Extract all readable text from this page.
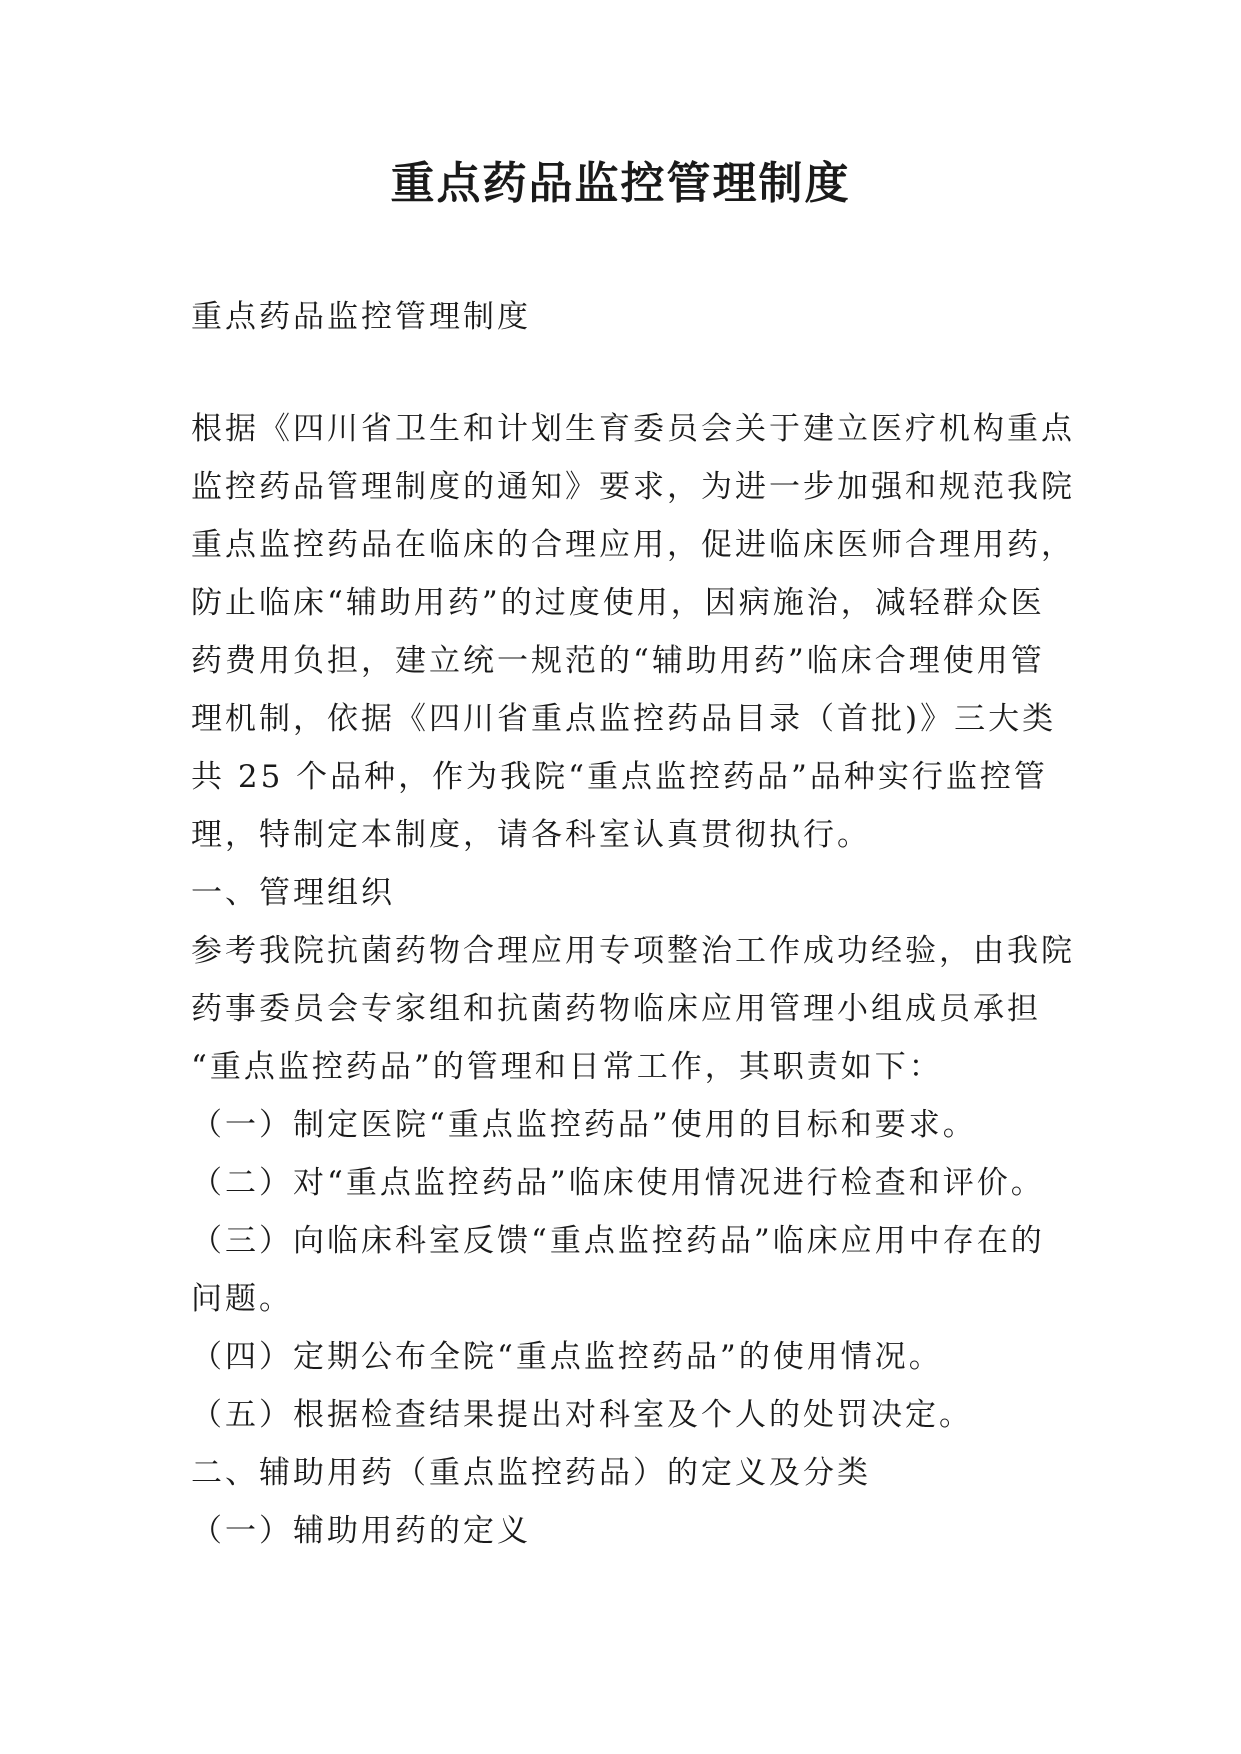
重点药品监控管理制度

重点药品监控管理制度

根据《四川省卫生和计划生育委员会关于建立医疗机构重点
监控药品管理制度的通知》要求，为进一步加强和规范我院
重点监控药品在临床的合理应用，促进临床医师合理用药，
防止临床“辅助用药”的过度使用，因病施治，减轻群众医
药费用负担，建立统一规范的“辅助用药”临床合理使用管
理机制，依据《四川省重点监控药品目录（首批)》三大类
共 25 个品种，作为我院“重点监控药品”品种实行监控管
理，特制定本制度，请各科室认真贯彻执行。

一、管理组织

参考我院抗菌药物合理应用专项整治工作成功经验，由我院
药事委员会专家组和抗菌药物临床应用管理小组成员承担
“重点监控药品”的管理和日常工作，其职责如下：

（一）制定医院“重点监控药品”使用的目标和要求。
（二）对“重点监控药品”临床使用情况进行检查和评价。
（三）向临床科室反馈“重点监控药品”临床应用中存在的
问题。
（四）定期公布全院“重点监控药品”的使用情况。
（五）根据检查结果提出对科室及个人的处罚决定。

二、辅助用药（重点监控药品）的定义及分类

（一）辅助用药的定义
